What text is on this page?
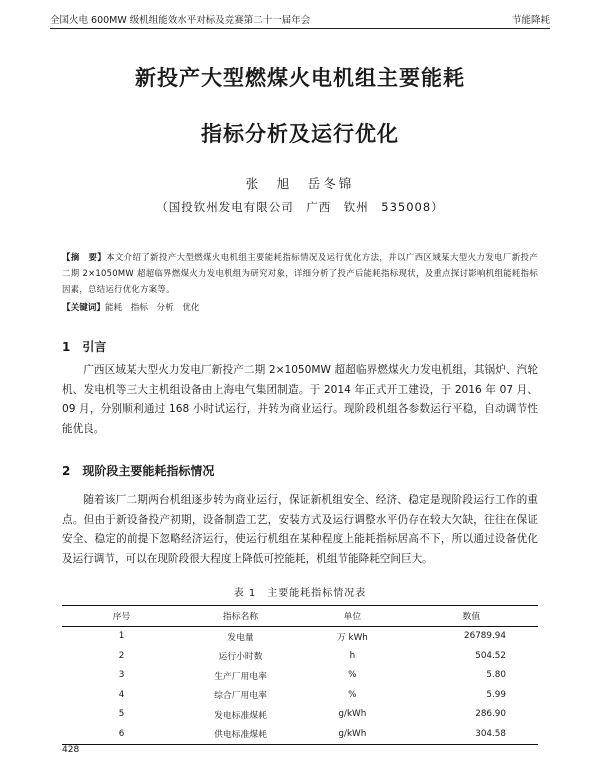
全国火电 600MW 级机组能效水平对标及竞赛第二十一届年会	节能降耗
新投产大型燃煤火电机组主要能耗
指标分析及运行优化
张　旭　岳冬锦
（国投钦州发电有限公司　广西　钦州　535008）
【摘　要】本文介绍了新投产大型燃煤火电机组主要能耗指标情况及运行优化方法，并以广西区域某大型火力发电厂新投产二期 2×1050MW 超超临界燃煤火力发电机组为研究对象，详细分析了投产后能耗指标现状，及重点探讨影响机组能耗指标因素，总结运行优化方案等。
【关键词】能耗　指标　分析　优化
1　引言
广西区域某大型火力发电厂新投产二期 2×1050MW 超超临界燃煤火力发电机组，其锅炉、汽轮机、发电机等三大主机组设备由上海电气集团制造。于 2014 年正式开工建设，于 2016 年 07 月、09 月，分别顺利通过 168 小时试运行，并转为商业运行。现阶段机组各参数运行平稳，自动调节性能优良。
2　现阶段主要能耗指标情况
随着该厂二期两台机组逐步转为商业运行，保证新机组安全、经济、稳定是现阶段运行工作的重点。但由于新设备投产初期，设备制造工艺，安装方式及运行调整水平仍存在较大欠缺，往往在保证安全、稳定的前提下忽略经济运行，使运行机组在某种程度上能耗指标居高不下，所以通过设备优化及运行调节，可以在现阶段很大程度上降低可控能耗，机组节能降耗空间巨大。
表 1　主要能耗指标情况表
序号	指标名称	单位	数值
1	发电量	万 kWh	26789.94
2	运行小时数	h	504.52
3	生产厂用电率	%	5.80
4	综合厂用电率	%	5.99
5	发电标准煤耗	g/kWh	286.90
6	供电标准煤耗	g/kWh	304.58
428
